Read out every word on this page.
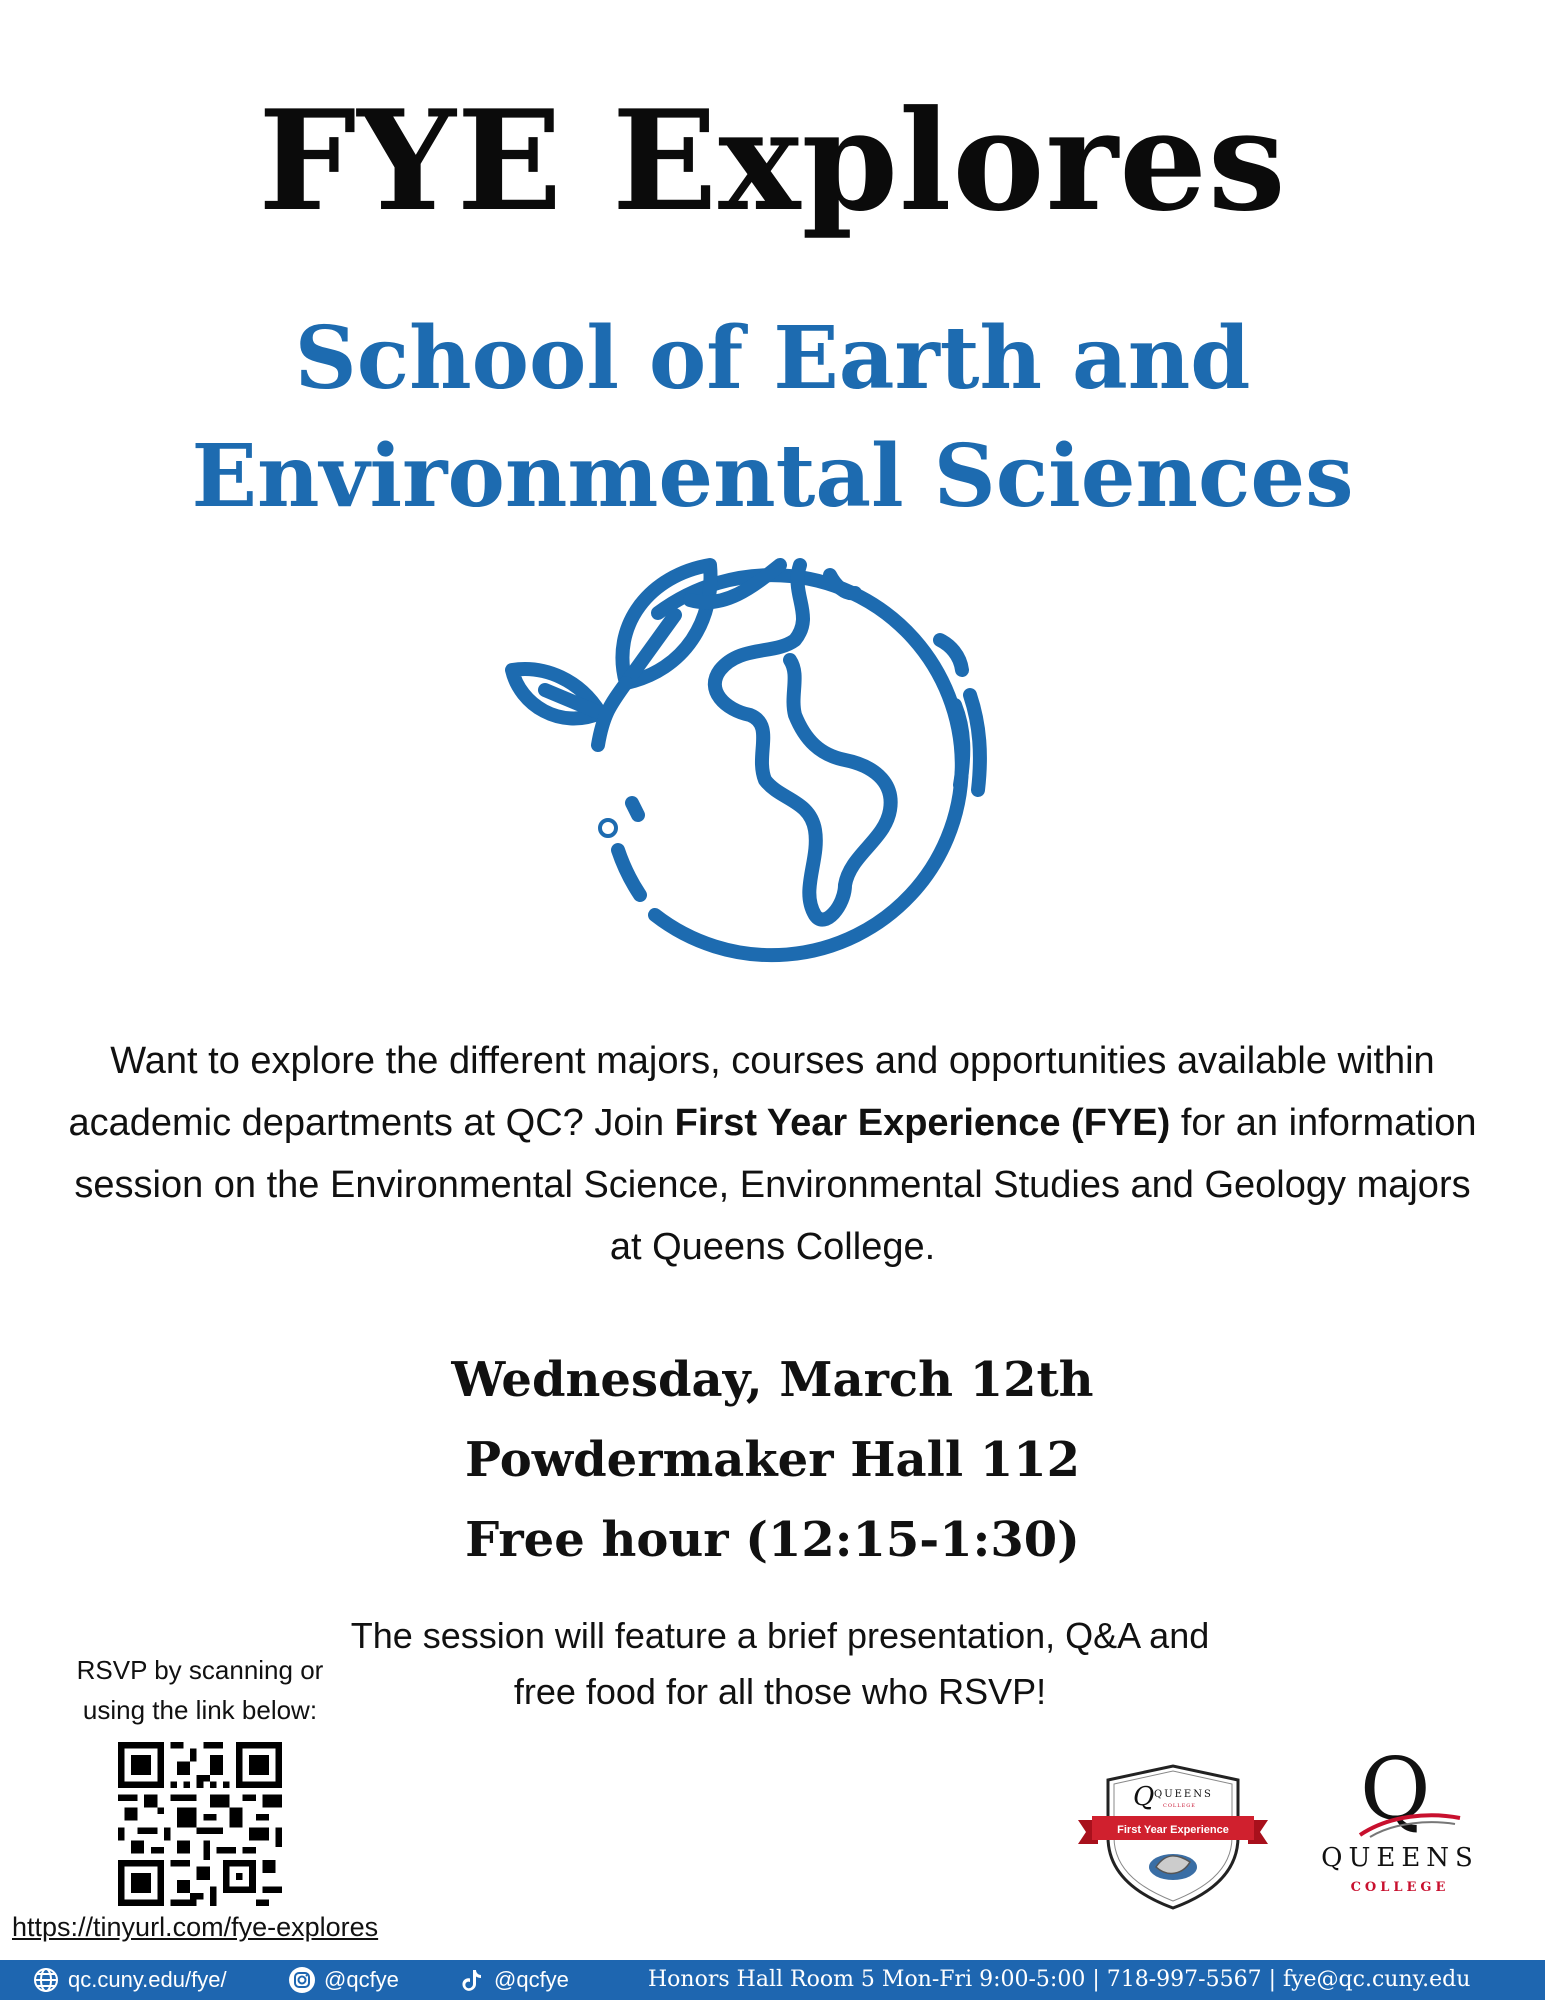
FYE Explores
School of Earth and
Environmental Sciences
Want to explore the different majors, courses and opportunities available within academic departments at QC? Join First Year Experience (FYE) for an information session on the Environmental Science, Environmental Studies and Geology majors at Queens College.
Wednesday, March 12th
Powdermaker Hall 112
Free hour (12:15-1:30)
The session will feature a brief presentation, Q&A and free food for all those who RSVP!
RSVP by scanning or using the link below:
https://tinyurl.com/fye-explores
Q QUEENS
COLLEGE
First Year Experience Q
QUEENS
COLLEGE
qc.cuny.edu/fye/	@qcfye	@qcfye	Honors Hall Room 5 Mon-Fri 9:00-5:00 | 718-997-5567 | fye@qc.cuny.edu
